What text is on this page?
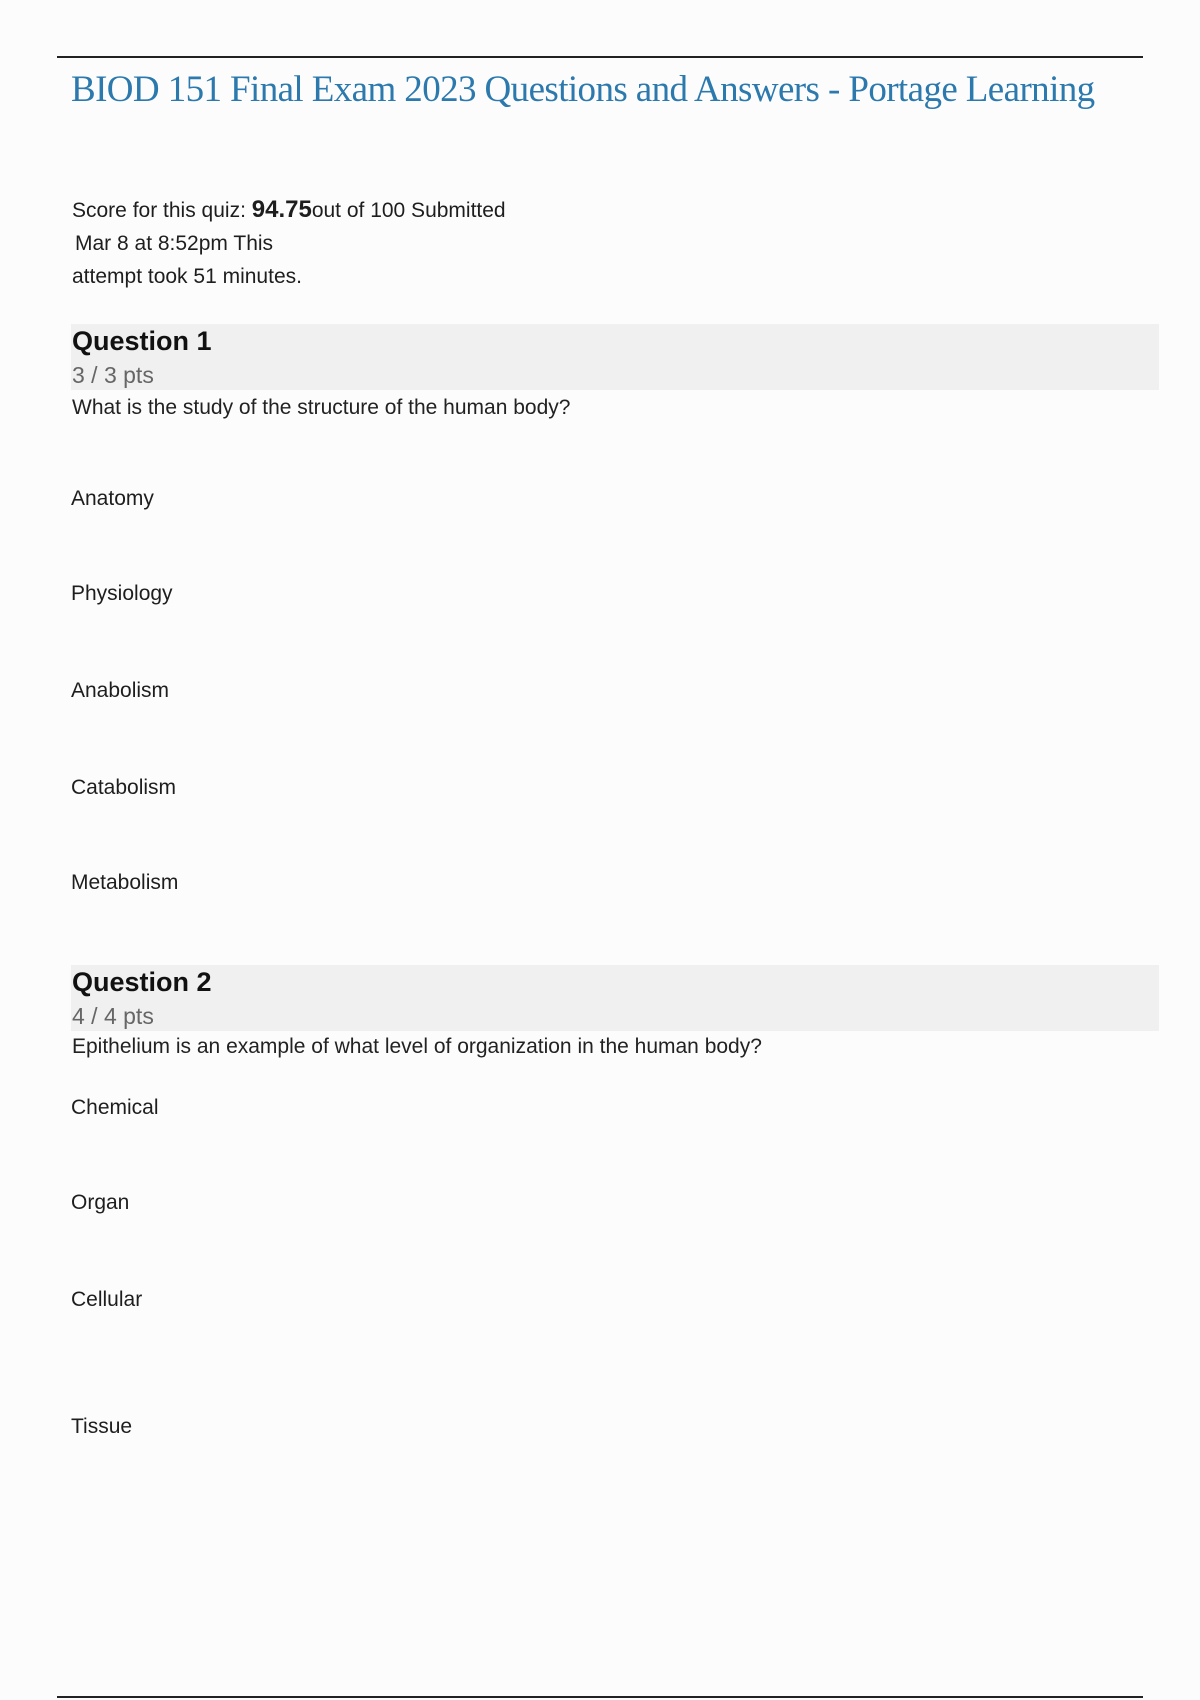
BIOD 151 Final Exam 2023 Questions and Answers - Portage Learning
Score for this quiz: 94.75out of 100 Submitted
Mar 8 at 8:52pm This
attempt took 51 minutes.
Question 1
3 / 3 pts
What is the study of the structure of the human body?
Anatomy
Physiology
Anabolism
Catabolism
Metabolism
Question 2
4 / 4 pts
Epithelium is an example of what level of organization in the human body?
Chemical
Organ
Cellular
Tissue
